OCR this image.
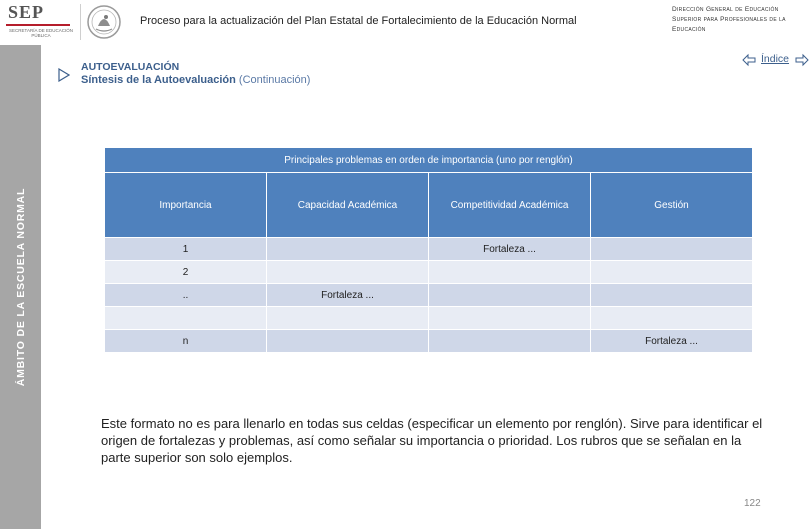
SEP
SECRETARÍA DE EDUCACIÓN PÚBLICA
Proceso para la actualización del Plan Estatal de Fortalecimiento de la Educación Normal
Dirección General de Educación Superior para Profesionales de la Educación
ÁMBITO DE LA ESCUELA NORMAL
AUTOEVALUACIÓN
Síntesis de la Autoevaluación (Continuación)
Índice
Principales problemas en orden de importancia (uno por renglón)			
Importancia	Capacidad Académica	Competitividad Académica	Gestión
1		Fortaleza ...	
2			
..	Fortaleza ...		

n			Fortaleza ...
Este formato no es para llenarlo en todas sus celdas (especificar un elemento por renglón). Sirve para identificar el origen de fortalezas y problemas, así como señalar su importancia o prioridad. Los rubros que se señalan en la parte superior son solo ejemplos.
122
